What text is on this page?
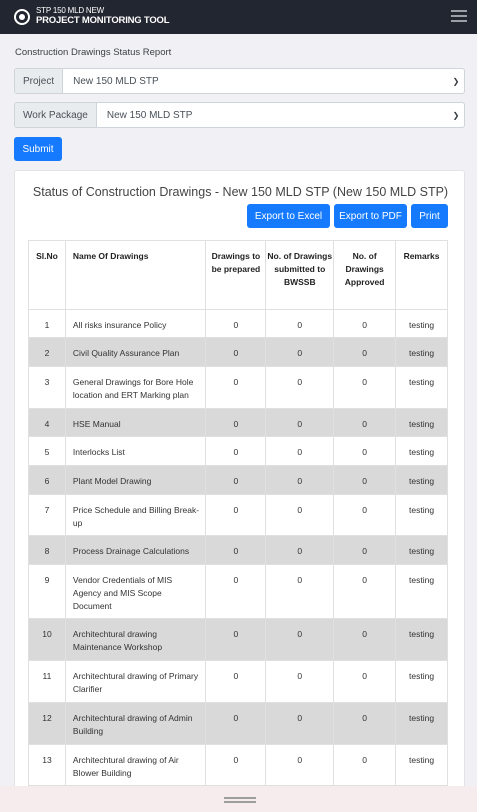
STP 150 MLD NEW
PROJECT MONITORING TOOL
Construction Drawings Status Report
Project	New 150 MLD STP	❯
Work Package	New 150 MLD STP	❯
Submit
Status of Construction Drawings - New 150 MLD STP (New 150 MLD STP)
Export to Excel	Export to PDF	Print
Sl.No	Name Of Drawings	Drawings to be prepared	No. of Drawings submitted to BWSSB	No. of Drawings Approved	Remarks
1	All risks insurance Policy	0	0	0	testing
2	Civil Quality Assurance Plan	0	0	0	testing
3	General Drawings for Bore Hole location and ERT Marking plan	0	0	0	testing
4	HSE Manual	0	0	0	testing
5	Interlocks List	0	0	0	testing
6	Plant Model Drawing	0	0	0	testing
7	Price Schedule and Billing Break-up	0	0	0	testing
8	Process Drainage Calculations	0	0	0	testing
9	Vendor Credentials of MIS Agency and MIS Scope Document	0	0	0	testing
10	Architechtural drawing Maintenance Workshop	0	0	0	testing
11	Architechtural drawing of Primary Clarifier	0	0	0	testing
12	Architechtural drawing of Admin Building	0	0	0	testing
13	Architechtural drawing of Air Blower Building	0	0	0	testing
